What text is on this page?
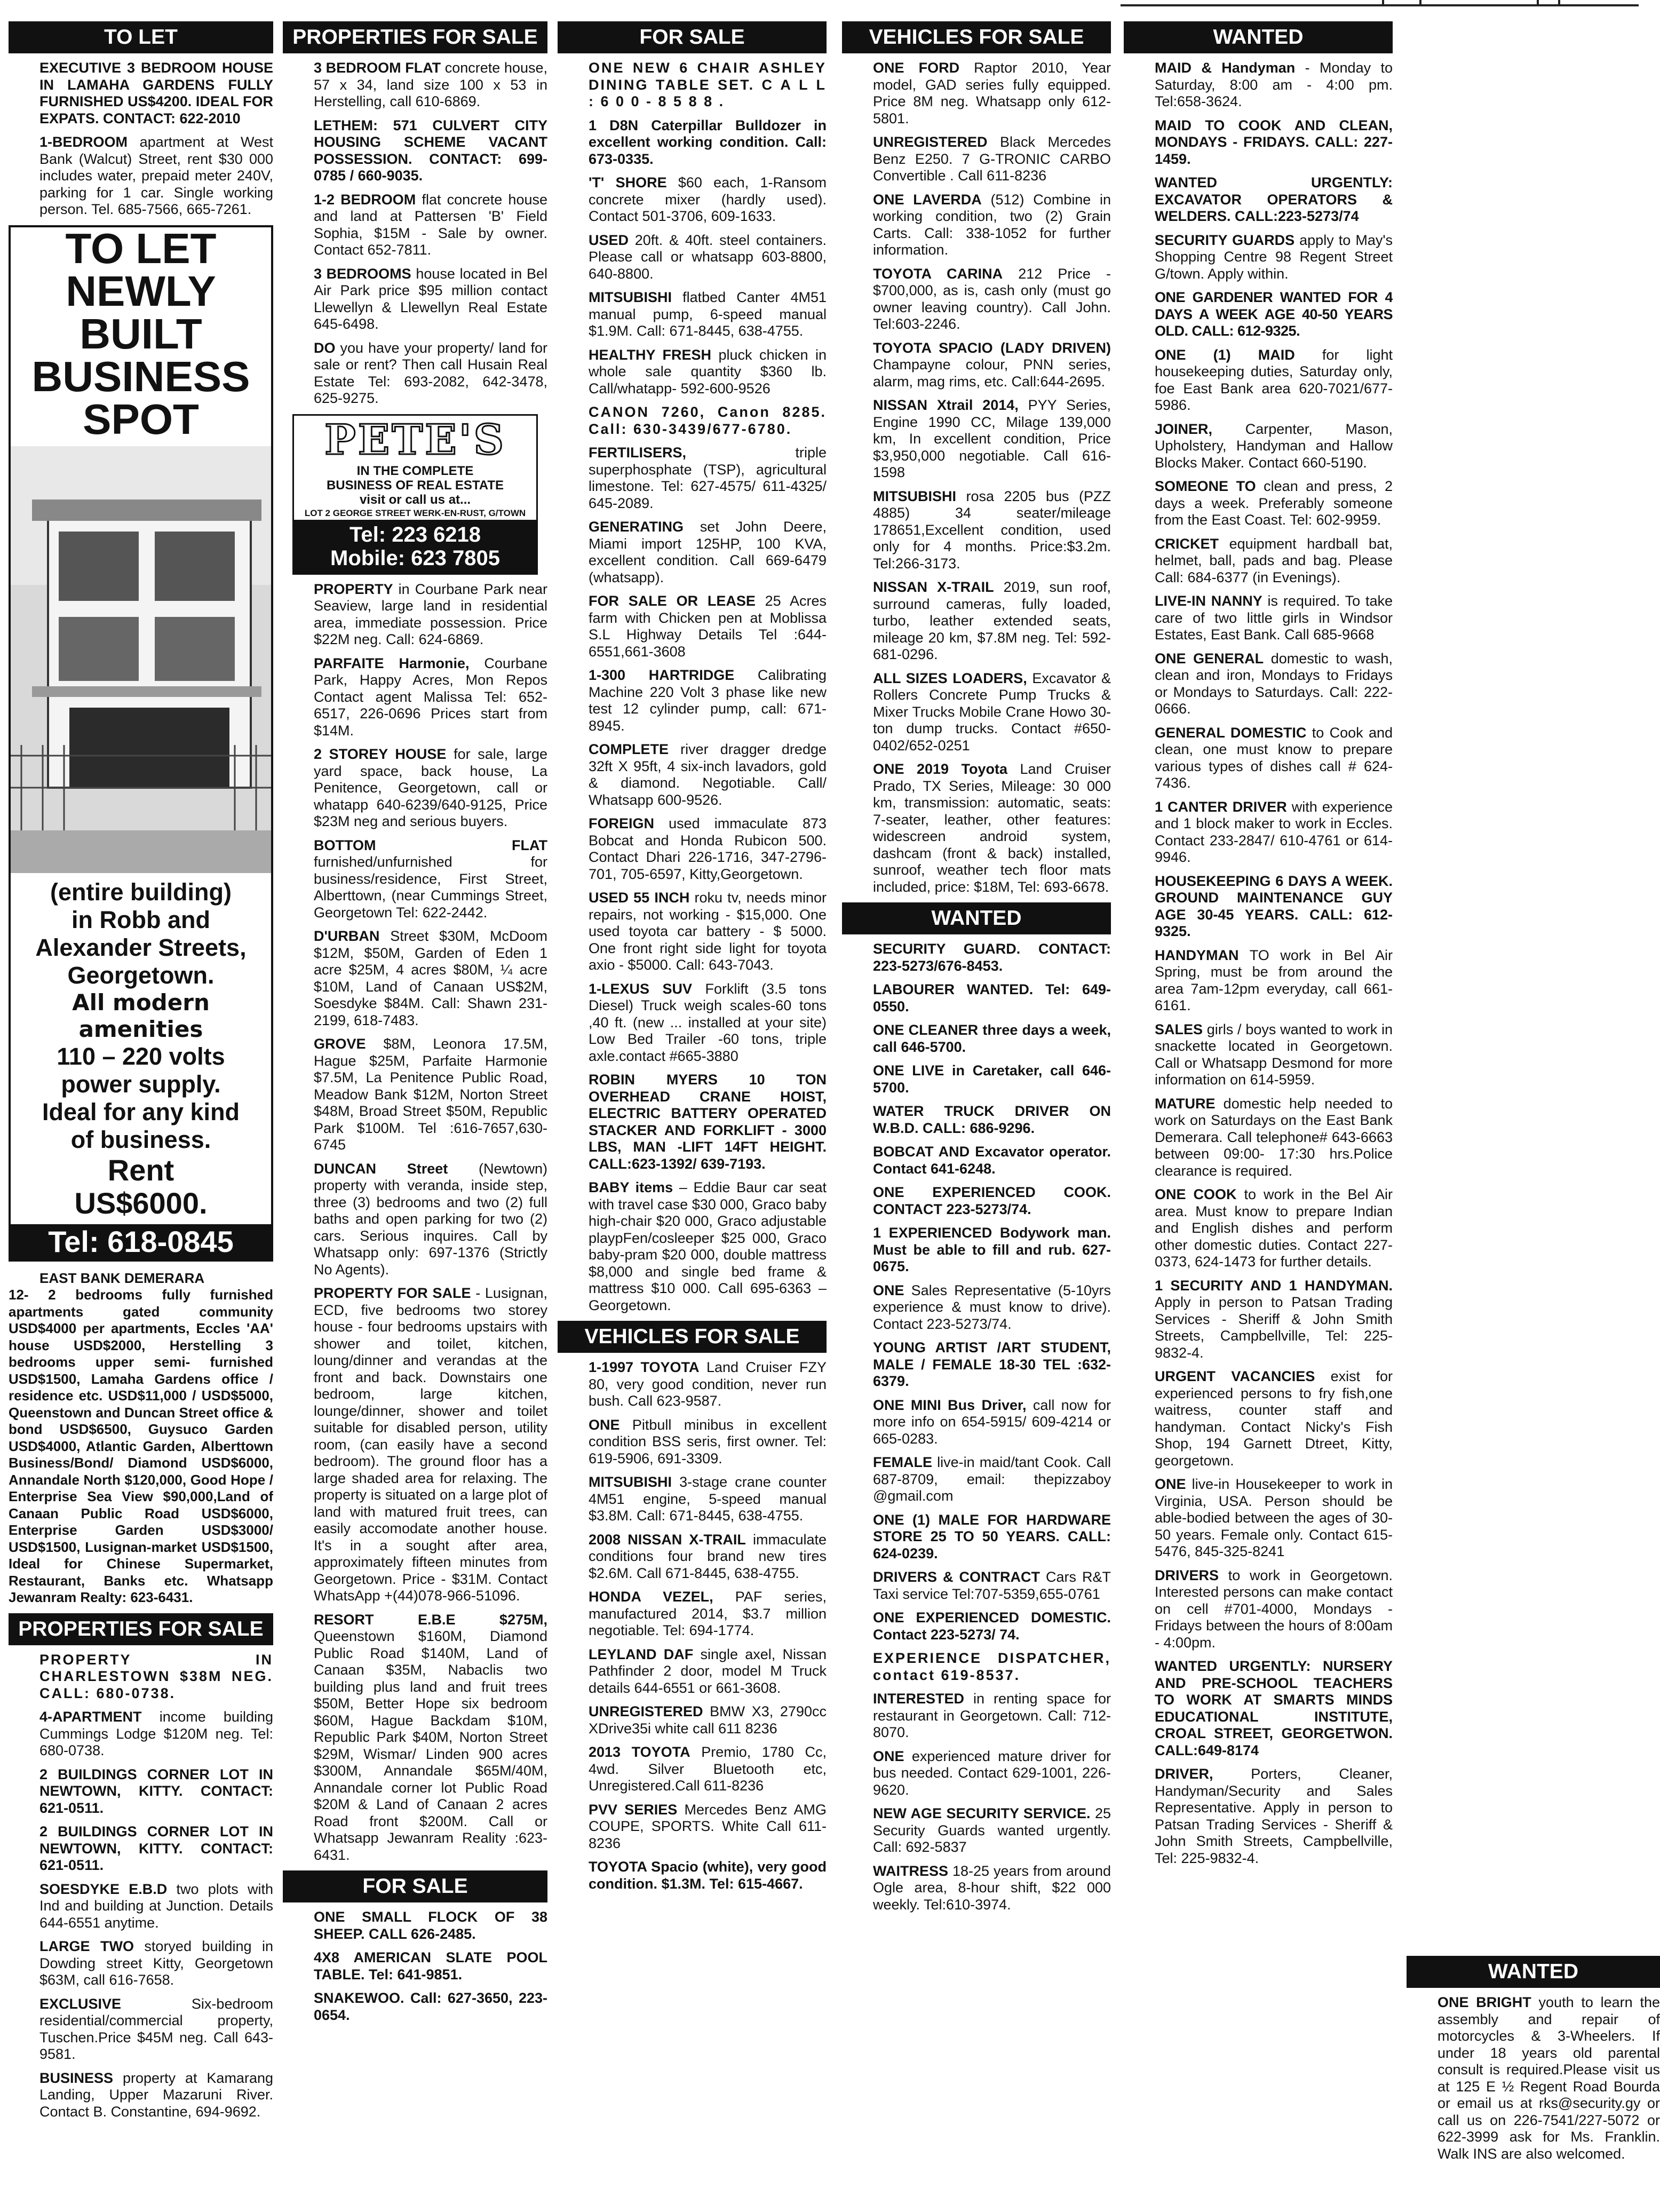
TO LET
EXECUTIVE 3 BEDROOM HOUSE IN LAMAHA GARDENS FULLY FURNISHED US$4200. IDEAL FOR EXPATS. CONTACT: 622-2010
1-BEDROOM apartment at West Bank (Walcut) Street, rent $30 000 includes water, prepaid meter 240V, parking for 1 car. Single working person. Tel. 685-7566, 665-7261.
TO LET
NEWLY
BUILT
BUSINESS
SPOT
(entire building)
in Robb and
Alexander Streets,
Georgetown.
All modern amenities
110 – 220 volts
power supply.
Ideal for any kind
of business.
Rent
US$6000.
Tel: 618-0845
EAST BANK DEMERARA
12- 2 bedrooms fully furnished apartments gated community USD$4000 per apartments, Eccles 'AA' house USD$2000, Herstelling 3 bedrooms upper semi- furnished USD$1500, Lamaha Gardens office / residence etc. USD$11,000 / USD$5000, Queenstown and Duncan Street office & bond USD$6500, Guysuco Garden USD$4000, Atlantic Garden, Alberttown Business/Bond/ Diamond USD$6000, Annandale North $120,000, Good Hope / Enterprise Sea View $90,000,Land of Canaan Public Road USD$6000, Enterprise Garden USD$3000/ USD$1500, Lusignan-market USD$1500, Ideal for Chinese Supermarket, Restaurant, Banks etc. Whatsapp Jewanram Realty: 623-6431.
PROPERTIES FOR SALE
PROPERTY IN CHARLESTOWN $38M NEG. CALL: 680-0738.
4-APARTMENT income building Cummings Lodge $120M neg. Tel: 680-0738.
2 BUILDINGS CORNER LOT IN NEWTOWN, KITTY. CONTACT: 621-0511.
2 BUILDINGS CORNER LOT IN NEWTOWN, KITTY. CONTACT: 621-0511.
SOESDYKE E.B.D two plots with Ind and building at Junction. Details 644-6551 anytime.
LARGE TWO storyed building in Dowding street Kitty, Georgetown $63M, call 616-7658.
EXCLUSIVE Six-bedroom residential/commercial property, Tuschen.Price $45M neg. Call 643-9581.
BUSINESS property at Kamarang Landing, Upper Mazaruni River. Contact B. Constantine, 694-9692.
PROPERTIES FOR SALE
3 BEDROOM FLAT concrete house, 57 x 34, land size 100 x 53 in Herstelling, call 610-6869.
LETHEM: 571 CULVERT CITY HOUSING SCHEME VACANT POSSESSION. CONTACT: 699-0785 / 660-9035.
1-2 BEDROOM flat concrete house and land at Pattersen 'B' Field Sophia, $15M - Sale by owner. Contact 652-7811.
3 BEDROOMS house located in Bel Air Park price $95 million contact Llewellyn & Llewellyn Real Estate 645-6498.
DO you have your property/ land for sale or rent? Then call Husain Real Estate Tel: 693-2082, 642-3478, 625-9275.
PETE'S
IN THE COMPLETE
BUSINESS OF REAL ESTATE
visit or call us at...
LOT 2 GEORGE STREET WERK-EN-RUST, G/TOWN
Tel: 223 6218
Mobile: 623 7805
PROPERTY in Courbane Park near Seaview, large land in residential area, immediate possession. Price $22M neg. Call: 624-6869.
PARFAITE Harmonie, Courbane Park, Happy Acres, Mon Repos Contact agent Malissa Tel: 652-6517, 226-0696 Prices start from $14M.
2 STOREY HOUSE for sale, large yard space, back house, La Penitence, Georgetown, call or whatapp 640-6239/640-9125, Price $23M neg and serious buyers.
BOTTOM FLAT furnished/unfurnished for business/residence, First Street, Alberttown, (near Cummings Street, Georgetown Tel: 622-2442.
D'URBAN Street $30M, McDoom $12M, $50M, Garden of Eden 1 acre $25M, 4 acres $80M, ¼ acre $10M, Land of Canaan US$2M, Soesdyke $84M. Call: Shawn 231-2199, 618-7483.
GROVE $8M, Leonora 17.5M, Hague $25M, Parfaite Harmonie $7.5M, La Penitence Public Road, Meadow Bank $12M, Norton Street $48M, Broad Street $50M, Republic Park $100M. Tel :616-7657,630-6745
DUNCAN Street (Newtown) property with veranda, inside step, three (3) bedrooms and two (2) full baths and open parking for two (2) cars. Serious inquires. Call by Whatsapp only: 697-1376 (Strictly No Agents).
PROPERTY FOR SALE - Lusignan, ECD, five bedrooms two storey house - four bedrooms upstairs with shower and toilet, kitchen, loung/dinner and verandas at the front and back. Downstairs one bedroom, large kitchen, lounge/dinner, shower and toilet suitable for disabled person, utility room, (can easily have a second bedroom). The ground floor has a large shaded area for relaxing. The property is situated on a large plot of land with matured fruit trees, can easily accomodate another house. It's in a sought after area, approximately fifteen minutes from Georgetown. Price - $31M. Contact WhatsApp +(44)078-966-51096.
RESORT E.B.E $275M, Queenstown $160M, Diamond Public Road $140M, Land of Canaan $35M, Nabaclis two building plus land and fruit trees $50M, Better Hope six bedroom $60M, Hague Backdam $10M, Republic Park $40M, Norton Street $29M, Wismar/ Linden 900 acres $300M, Annandale $65M/40M, Annandale corner lot Public Road $20M & Land of Canaan 2 acres Road front $200M. Call or Whatsapp Jewanram Reality :623-6431.
FOR SALE
ONE SMALL FLOCK OF 38 SHEEP. CALL 626-2485.
4X8 AMERICAN SLATE POOL TABLE. Tel: 641-9851.
SNAKEWOO. Call: 627-3650, 223-0654.
FOR SALE
ONE NEW 6 CHAIR ASHLEY DINING TABLE SET. C A L L : 6 0 0 - 8 5 8 8 .
1 D8N Caterpillar Bulldozer in excellent working condition. Call: 673-0335.
'T' SHORE $60 each, 1-Ransom concrete mixer (hardly used). Contact 501-3706, 609-1633.
USED 20ft. & 40ft. steel containers. Please call or whatsapp 603-8800, 640-8800.
MITSUBISHI flatbed Canter 4M51 manual pump, 6-speed manual $1.9M. Call: 671-8445, 638-4755.
HEALTHY FRESH pluck chicken in whole sale quantity $360 lb. Call/whatapp- 592-600-9526
CANON 7260, Canon 8285. Call: 630-3439/677-6780.
FERTILISERS, triple superphosphate (TSP), agricultural limestone. Tel: 627-4575/ 611-4325/ 645-2089.
GENERATING set John Deere, Miami import 125HP, 100 KVA, excellent condition. Call 669-6479 (whatsapp).
FOR SALE OR LEASE 25 Acres farm with Chicken pen at Moblissa S.L Highway Details Tel :644-6551,661-3608
1-300 HARTRIDGE Calibrating Machine 220 Volt 3 phase like new test 12 cylinder pump, call: 671-8945.
COMPLETE river dragger dredge 32ft X 95ft, 4 six-inch lavadors, gold & diamond. Negotiable. Call/ Whatsapp 600-9526.
FOREIGN used immaculate 873 Bobcat and Honda Rubicon 500. Contact Dhari 226-1716, 347-2796-701, 705-6597, Kitty,Georgetown.
USED 55 INCH roku tv, needs minor repairs, not working - $15,000. One used toyota car battery - $ 5000. One front right side light for toyota axio - $5000. Call: 643-7043.
1-LEXUS SUV Forklift (3.5 tons Diesel) Truck weigh scales-60 tons ,40 ft. (new ... installed at your site) Low Bed Trailer -60 tons, triple axle.contact #665-3880
ROBIN MYERS 10 TON OVERHEAD CRANE HOIST, ELECTRIC BATTERY OPERATED STACKER AND FORKLIFT - 3000 LBS, MAN -LIFT 14FT HEIGHT. CALL:623-1392/ 639-7193.
BABY items – Eddie Baur car seat with travel case $30 000, Graco baby high-chair $20 000, Graco adjustable playpFen/cosleeper $25 000, Graco baby-pram $20 000, double mattress $8,000 and single bed frame & mattress $10 000. Call 695-6363 – Georgetown.
VEHICLES FOR SALE
1-1997 TOYOTA Land Cruiser FZY 80, very good condition, never run bush. Call 623-9587.
ONE Pitbull minibus in excellent condition BSS seris, first owner. Tel: 619-5906, 691-3309.
MITSUBISHI 3-stage crane counter 4M51 engine, 5-speed manual $3.8M. Call: 671-8445, 638-4755.
2008 NISSAN X-TRAIL immaculate conditions four brand new tires $2.6M. Call 671-8445, 638-4755.
HONDA VEZEL, PAF series, manufactured 2014, $3.7 million negotiable. Tel: 694-1774.
LEYLAND DAF single axel, Nissan Pathfinder 2 door, model M Truck details 644-6551 or 661-3608.
UNREGISTERED BMW X3, 2790cc XDrive35i white call 611 8236
2013 TOYOTA Premio, 1780 Cc, 4wd. Silver Bluetooth etc, Unregistered.Call 611-8236
PVV SERIES Mercedes Benz AMG COUPE, SPORTS. White Call 611-8236
TOYOTA Spacio (white), very good condition. $1.3M. Tel: 615-4667.
VEHICLES FOR SALE
ONE FORD Raptor 2010, Year model, GAD series fully equipped. Price 8M neg. Whatsapp only 612-5801.
UNREGISTERED Black Mercedes Benz E250. 7 G-TRONIC CARBO Convertible . Call 611-8236
ONE LAVERDA (512) Combine in working condition, two (2) Grain Carts. Call: 338-1052 for further information.
TOYOTA CARINA 212 Price - $700,000, as is, cash only (must go owner leaving country). Call John. Tel:603-2246.
TOYOTA SPACIO (LADY DRIVEN) Champayne colour, PNN series, alarm, mag rims, etc. Call:644-2695.
NISSAN Xtrail 2014, PYY Series, Engine 1990 CC, Milage 139,000 km, In excellent condition, Price $3,950,000 negotiable. Call 616-1598
MITSUBISHI rosa 2205 bus (PZZ 4885) 34 seater/mileage 178651,Excellent condition, used only for 4 months. Price:$3.2m. Tel:266-3173.
NISSAN X-TRAIL 2019, sun roof, surround cameras, fully loaded, turbo, leather extended seats, mileage 20 km, $7.8M neg. Tel: 592-681-0296.
ALL SIZES LOADERS, Excavator & Rollers Concrete Pump Trucks & Mixer Trucks Mobile Crane Howo 30-ton dump trucks. Contact #650-0402/652-0251
ONE 2019 Toyota Land Cruiser Prado, TX Series, Mileage: 30 000 km, transmission: automatic, seats: 7-seater, leather, other features: widescreen android system, dashcam (front & back) installed, sunroof, weather tech floor mats included, price: $18M, Tel: 693-6678.
WANTED
SECURITY GUARD. CONTACT: 223-5273/676-8453.
LABOURER WANTED. Tel: 649-0550.
ONE CLEANER three days a week, call 646-5700.
ONE LIVE in Caretaker, call 646-5700.
WATER TRUCK DRIVER ON W.B.D. CALL: 686-9296.
BOBCAT AND Excavator operator. Contact 641-6248.
ONE EXPERIENCED COOK. CONTACT 223-5273/74.
1 EXPERIENCED Bodywork man. Must be able to fill and rub. 627-0675.
ONE Sales Representative (5-10yrs experience & must know to drive). Contact 223-5273/74.
YOUNG ARTIST /ART STUDENT, MALE / FEMALE 18-30 TEL :632-6379.
ONE MINI Bus Driver, call now for more info on 654-5915/ 609-4214 or 665-0283.
FEMALE live-in maid/tant Cook. Call 687-8709, email: thepizzaboy @gmail.com
ONE (1) MALE FOR HARDWARE STORE 25 TO 50 YEARS. CALL: 624-0239.
DRIVERS & CONTRACT Cars R&T Taxi service Tel:707-5359,655-0761
ONE EXPERIENCED DOMESTIC. Contact 223-5273/ 74.
EXPERIENCE DISPATCHER, contact 619-8537.
INTERESTED in renting space for restaurant in Georgetown. Call: 712-8070.
ONE experienced mature driver for bus needed. Contact 629-1001, 226-9620.
NEW AGE SECURITY SERVICE. 25 Security Guards wanted urgently. Call: 692-5837
WAITRESS 18-25 years from around Ogle area, 8-hour shift, $22 000 weekly. Tel:610-3974.
WANTED
MAID & Handyman - Monday to Saturday, 8:00 am - 4:00 pm. Tel:658-3624.
MAID TO COOK AND CLEAN, MONDAYS - FRIDAYS. CALL: 227-1459.
WANTED URGENTLY: EXCAVATOR OPERATORS & WELDERS. CALL:223-5273/74
SECURITY GUARDS apply to May's Shopping Centre 98 Regent Street G/town. Apply within.
ONE GARDENER WANTED FOR 4 DAYS A WEEK AGE 40-50 YEARS OLD. CALL: 612-9325.
ONE (1) MAID for light housekeeping duties, Saturday only, foe East Bank area 620-7021/677-5986.
JOINER, Carpenter, Mason, Upholstery, Handyman and Hallow Blocks Maker. Contact 660-5190.
SOMEONE TO clean and press, 2 days a week. Preferably someone from the East Coast. Tel: 602-9959.
CRICKET equipment hardball bat, helmet, ball, pads and bag. Please Call: 684-6377 (in Evenings).
LIVE-IN NANNY is required. To take care of two little girls in Windsor Estates, East Bank. Call 685-9668
ONE GENERAL domestic to wash, clean and iron, Mondays to Fridays or Mondays to Saturdays. Call: 222-0666.
GENERAL DOMESTIC to Cook and clean, one must know to prepare various types of dishes call # 624-7436.
1 CANTER DRIVER with experience and 1 block maker to work in Eccles. Contact 233-2847/ 610-4761 or 614-9946.
HOUSEKEEPING 6 DAYS A WEEK. GROUND MAINTENANCE GUY AGE 30-45 YEARS. CALL: 612-9325.
HANDYMAN TO work in Bel Air Spring, must be from around the area 7am-12pm everyday, call 661-6161.
SALES girls / boys wanted to work in snackette located in Georgetown. Call or Whatsapp Desmond for more information on 614-5959.
MATURE domestic help needed to work on Saturdays on the East Bank Demerara. Call telephone# 643-6663 between 09:00- 17:30 hrs.Police clearance is required.
ONE COOK to work in the Bel Air area. Must know to prepare Indian and English dishes and perform other domestic duties. Contact 227-0373, 624-1473 for further details.
1 SECURITY AND 1 HANDYMAN. Apply in person to Patsan Trading Services - Sheriff & John Smith Streets, Campbellville, Tel: 225-9832-4.
URGENT VACANCIES exist for experienced persons to fry fish,one waitress, counter staff and handyman. Contact Nicky's Fish Shop, 194 Garnett Dtreet, Kitty, georgetown.
ONE live-in Housekeeper to work in Virginia, USA. Person should be able-bodied between the ages of 30-50 years. Female only. Contact 615-5476, 845-325-8241
DRIVERS to work in Georgetown. Interested persons can make contact on cell #701-4000, Mondays - Fridays between the hours of 8:00am - 4:00pm.
WANTED URGENTLY: NURSERY AND PRE-SCHOOL TEACHERS TO WORK AT SMARTS MINDS EDUCATIONAL INSTITUTE, CROAL STREET, GEORGETWON. CALL:649-8174
DRIVER, Porters, Cleaner, Handyman/Security and Sales Representative. Apply in person to Patsan Trading Services - Sheriff & John Smith Streets, Campbellville, Tel: 225-9832-4.
WANTED
ONE BRIGHT youth to learn the assembly and repair of motorcycles & 3-Wheelers. If under 18 years old parental consult is required.Please visit us at 125 E ½ Regent Road Bourda or email us at rks@security.gy or call us on 226-7541/227-5072 or 622-3999 ask for Ms. Franklin. Walk INS are also welcomed.
